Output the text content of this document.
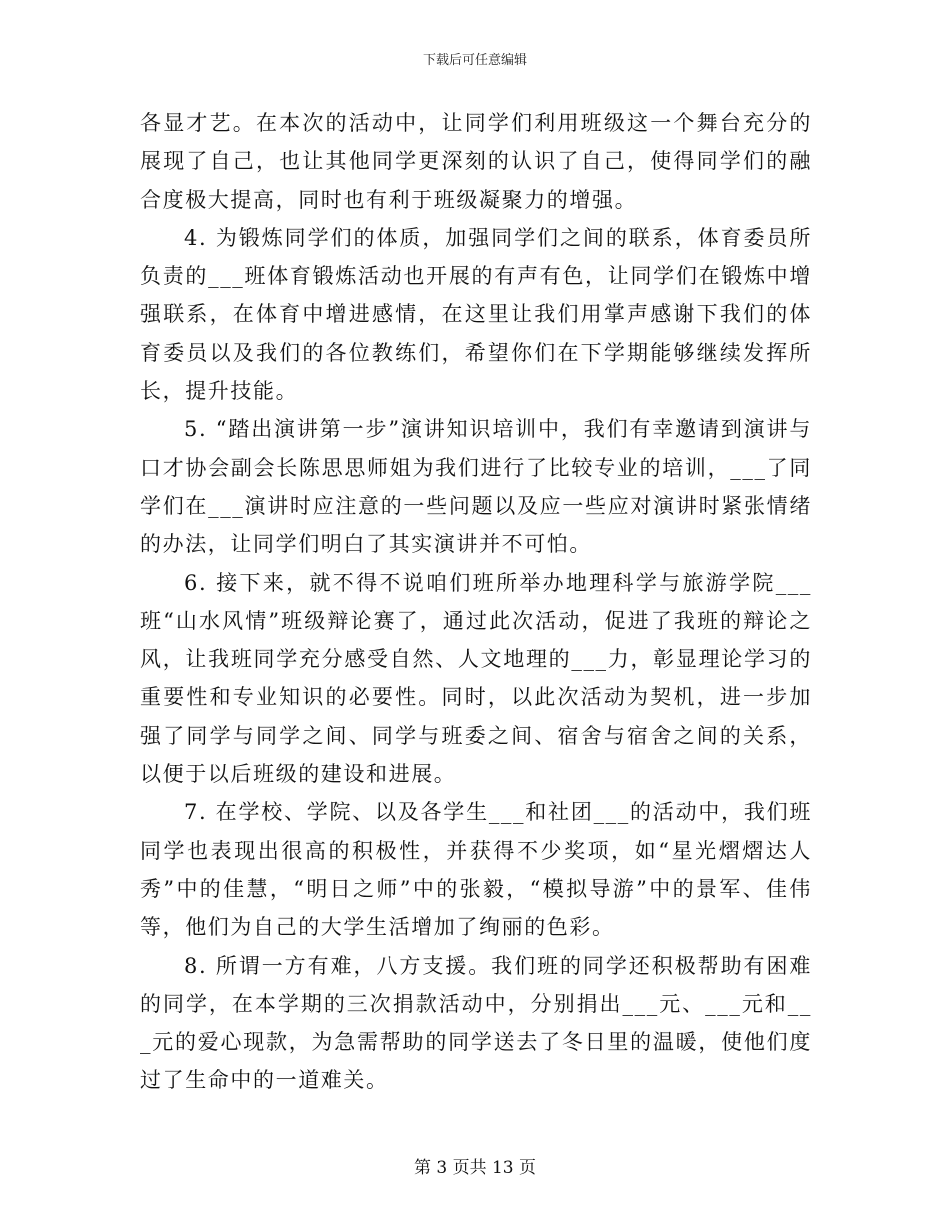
下载后可任意编辑

各显才艺。在本次的活动中，让同学们利用班级这一个舞台充分的展现了自己，也让其他同学更深刻的认识了自己，使得同学们的融合度极大提高，同时也有利于班级凝聚力的增强。

4. 为锻炼同学们的体质，加强同学们之间的联系，体育委员所负责的___班体育锻炼活动也开展的有声有色，让同学们在锻炼中增强联系，在体育中增进感情，在这里让我们用掌声感谢下我们的体育委员以及我们的各位教练们，希望你们在下学期能够继续发挥所长，提升技能。

5. “踏出演讲第一步”演讲知识培训中，我们有幸邀请到演讲与口才协会副会长陈思思师姐为我们进行了比较专业的培训，___了同学们在___演讲时应注意的一些问题以及应一些应对演讲时紧张情绪的办法，让同学们明白了其实演讲并不可怕。

6. 接下来，就不得不说咱们班所举办地理科学与旅游学院___班“山水风情”班级辩论赛了，通过此次活动，促进了我班的辩论之风，让我班同学充分感受自然、人文地理的___力，彰显理论学习的重要性和专业知识的必要性。同时，以此次活动为契机，进一步加强了同学与同学之间、同学与班委之间、宿舍与宿舍之间的关系，以便于以后班级的建设和进展。

7. 在学校、学院、以及各学生___和社团___的活动中，我们班同学也表现出很高的积极性，并获得不少奖项，如“星光熠熠达人秀”中的佳慧，“明日之师”中的张毅，“模拟导游”中的景军、佳伟等，他们为自己的大学生活增加了绚丽的色彩。

8. 所谓一方有难，八方支援。我们班的同学还积极帮助有困难的同学，在本学期的三次捐款活动中，分别捐出___元、___元和___元的爱心现款，为急需帮助的同学送去了冬日里的温暖，使他们度过了生命中的一道难关。

第 3 页共 13 页
